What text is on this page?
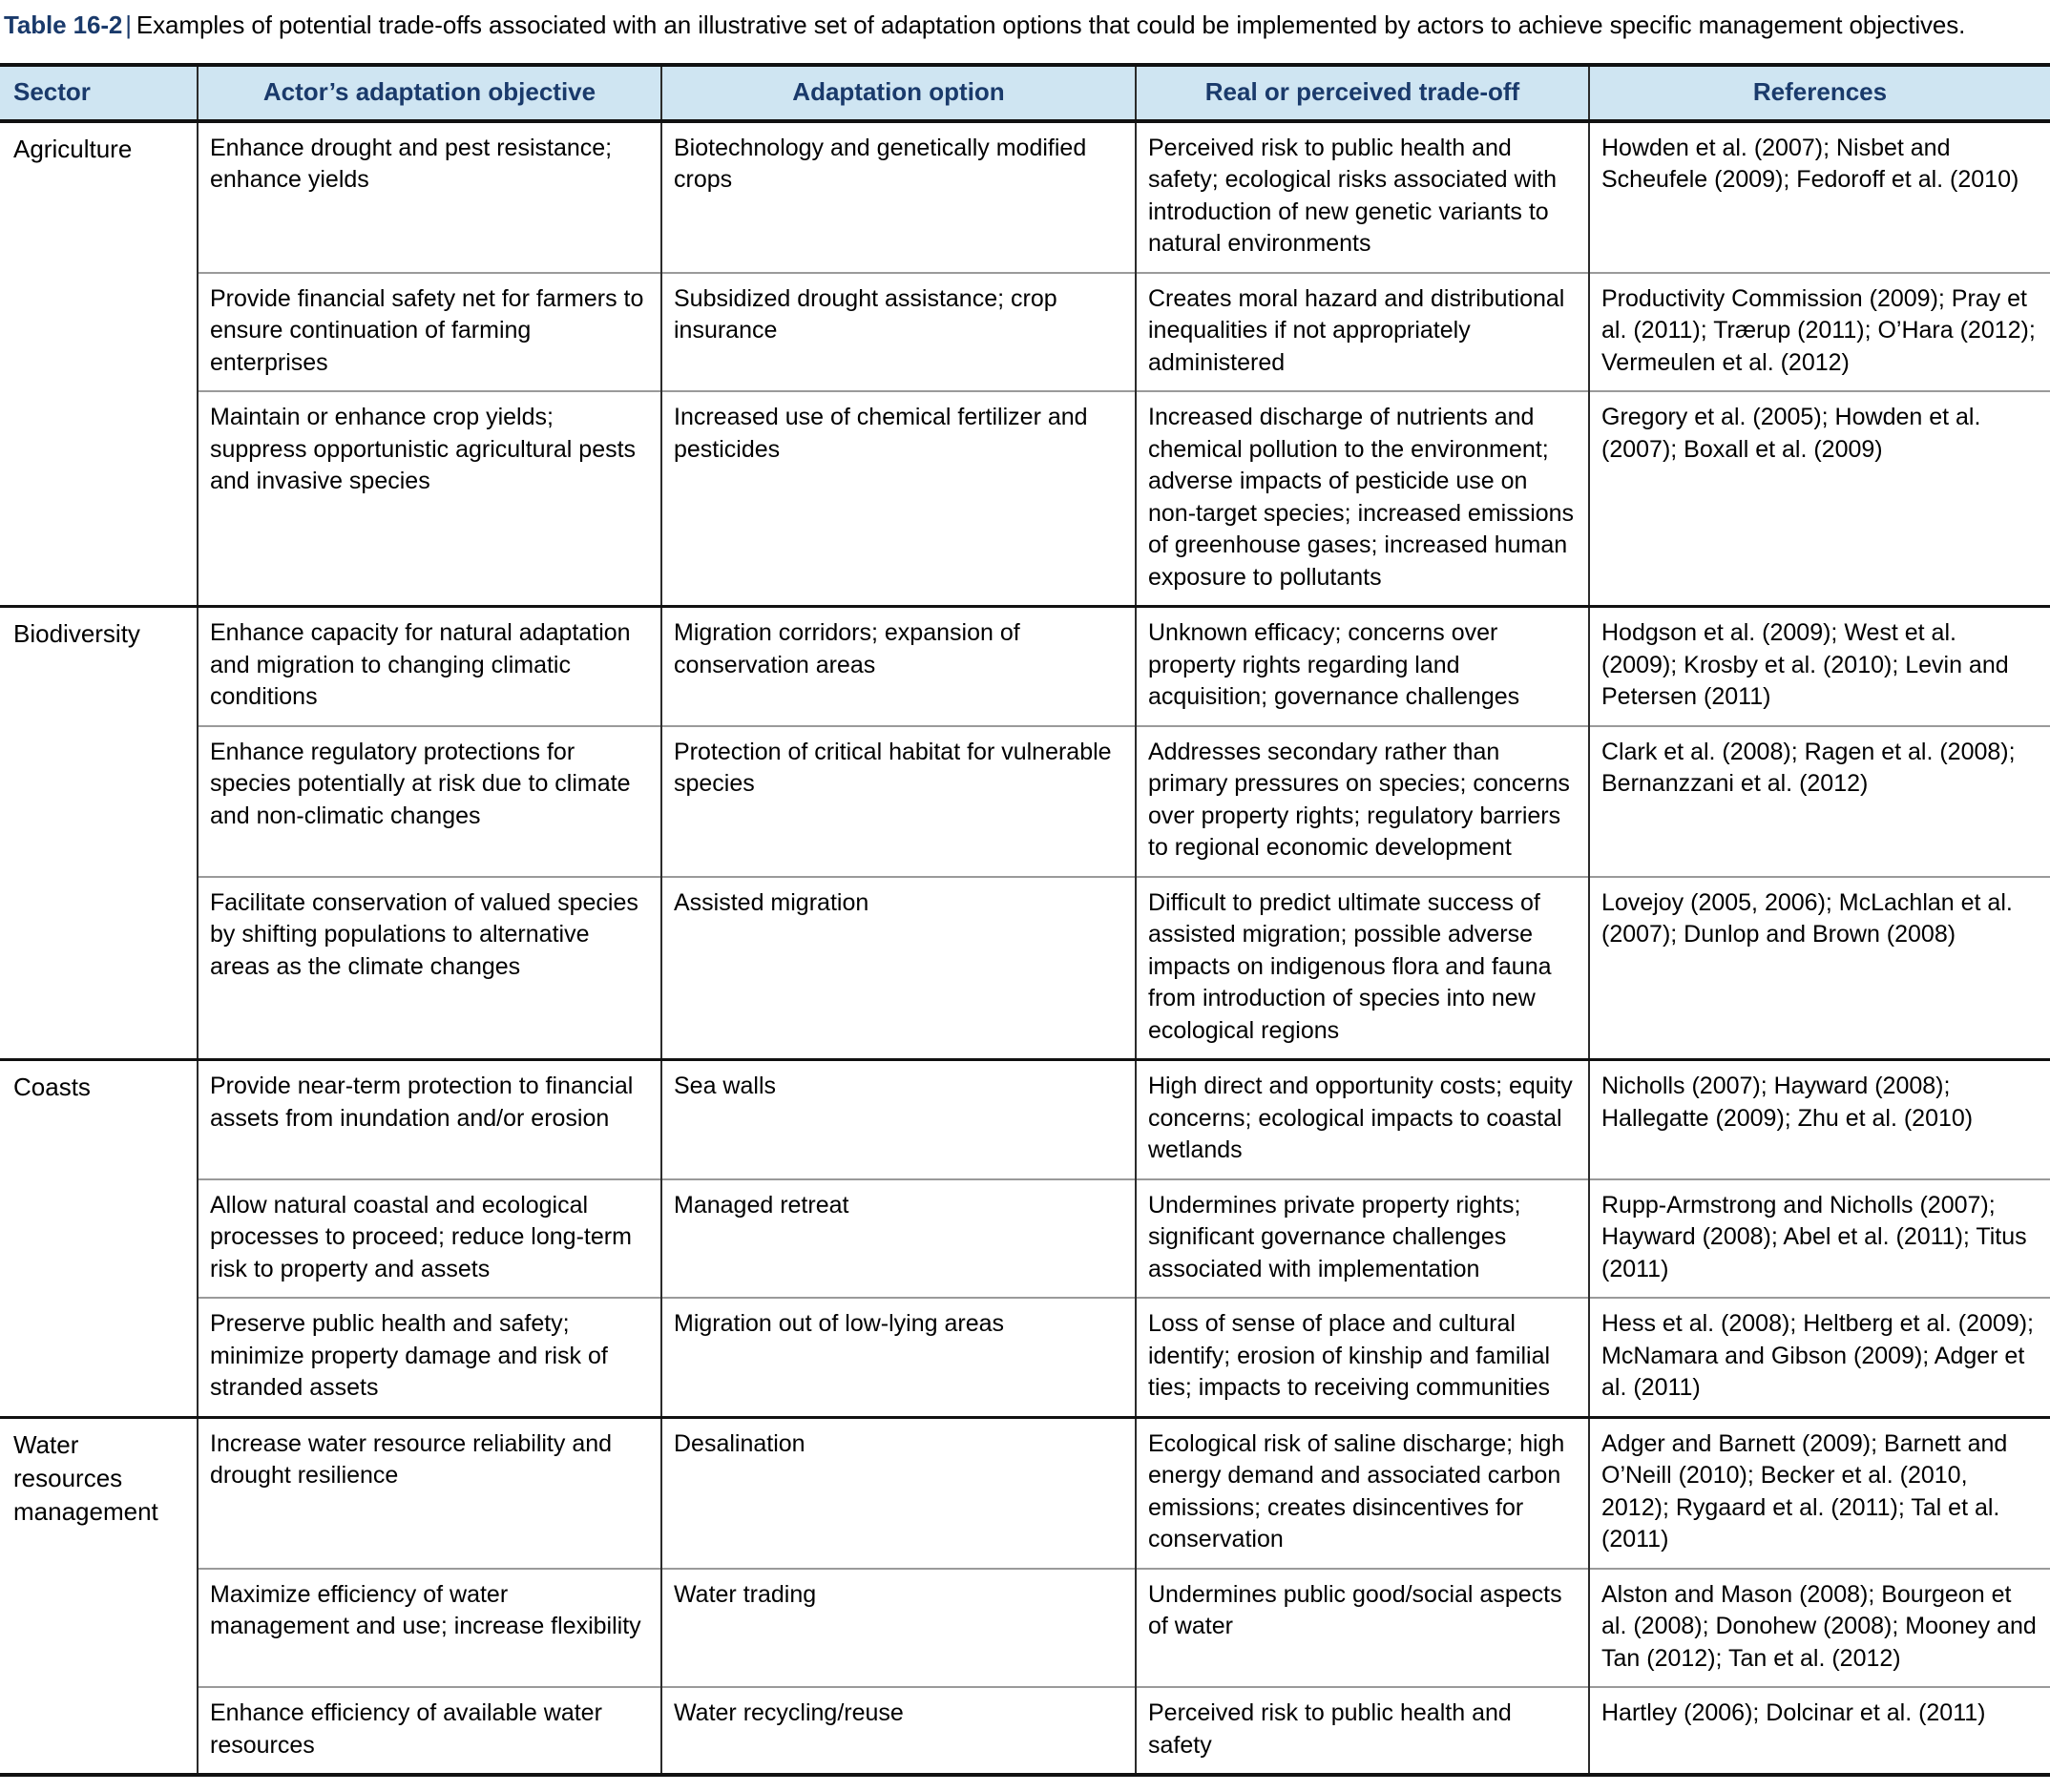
Table 16-2 | Examples of potential trade-offs associated with an illustrative set of adaptation options that could be implemented by actors to achieve specific management objectives.
Sector	Actor’s adaptation objective	Adaptation option	Real or perceived trade-off	References
Agriculture	Enhance drought and pest resistance; enhance yields	Biotechnology and genetically modified crops	Perceived risk to public health and safety; ecological risks associated with introduction of new genetic variants to natural environments	Howden et al. (2007); Nisbet and Scheufele (2009); Fedoroff et al. (2010)
	Provide financial safety net for farmers to ensure continuation of farming enterprises	Subsidized drought assistance; crop insurance	Creates moral hazard and distributional inequalities if not appropriately administered	Productivity Commission (2009); Pray et al. (2011); Trærup (2011); O’Hara (2012); Vermeulen et al. (2012)
	Maintain or enhance crop yields; suppress opportunistic agricultural pests and invasive species	Increased use of chemical fertilizer and pesticides	Increased discharge of nutrients and chemical pollution to the environment; adverse impacts of pesticide use on non-target species; increased emissions of greenhouse gases; increased human exposure to pollutants	Gregory et al. (2005); Howden et al. (2007); Boxall et al. (2009)
Biodiversity	Enhance capacity for natural adaptation and migration to changing climatic conditions	Migration corridors; expansion of conservation areas	Unknown efficacy; concerns over property rights regarding land acquisition; governance challenges	Hodgson et al. (2009); West et al. (2009); Krosby et al. (2010); Levin and Petersen (2011)
	Enhance regulatory protections for species potentially at risk due to climate and non-climatic changes	Protection of critical habitat for vulnerable species	Addresses secondary rather than primary pressures on species; concerns over property rights; regulatory barriers to regional economic development	Clark et al. (2008); Ragen et al. (2008); Bernanzzani et al. (2012)
	Facilitate conservation of valued species by shifting populations to alternative areas as the climate changes	Assisted migration	Difficult to predict ultimate success of assisted migration; possible adverse impacts on indigenous flora and fauna from introduction of species into new ecological regions	Lovejoy (2005, 2006); McLachlan et al. (2007); Dunlop and Brown (2008)
Coasts	Provide near-term protection to financial assets from inundation and/or erosion	Sea walls	High direct and opportunity costs; equity concerns; ecological impacts to coastal wetlands	Nicholls (2007); Hayward (2008); Hallegatte (2009); Zhu et al. (2010)
	Allow natural coastal and ecological processes to proceed; reduce long-term risk to property and assets	Managed retreat	Undermines private property rights; significant governance challenges associated with implementation	Rupp-Armstrong and Nicholls (2007); Hayward (2008); Abel et al. (2011); Titus (2011)
	Preserve public health and safety; minimize property damage and risk of stranded assets	Migration out of low-lying areas	Loss of sense of place and cultural identify; erosion of kinship and familial ties; impacts to receiving communities	Hess et al. (2008); Heltberg et al. (2009); McNamara and Gibson (2009); Adger et al. (2011)
Water resources management	Increase water resource reliability and drought resilience	Desalination	Ecological risk of saline discharge; high energy demand and associated carbon emissions; creates disincentives for conservation	Adger and Barnett (2009); Barnett and O’Neill (2010); Becker et al. (2010, 2012); Rygaard et al. (2011); Tal et al. (2011)
	Maximize efficiency of water management and use; increase flexibility	Water trading	Undermines public good/social aspects of water	Alston and Mason (2008); Bourgeon et al. (2008); Donohew (2008); Mooney and Tan (2012); Tan et al. (2012)
	Enhance efficiency of available water resources	Water recycling/reuse	Perceived risk to public health and safety	Hartley (2006); Dolcinar et al. (2011)
